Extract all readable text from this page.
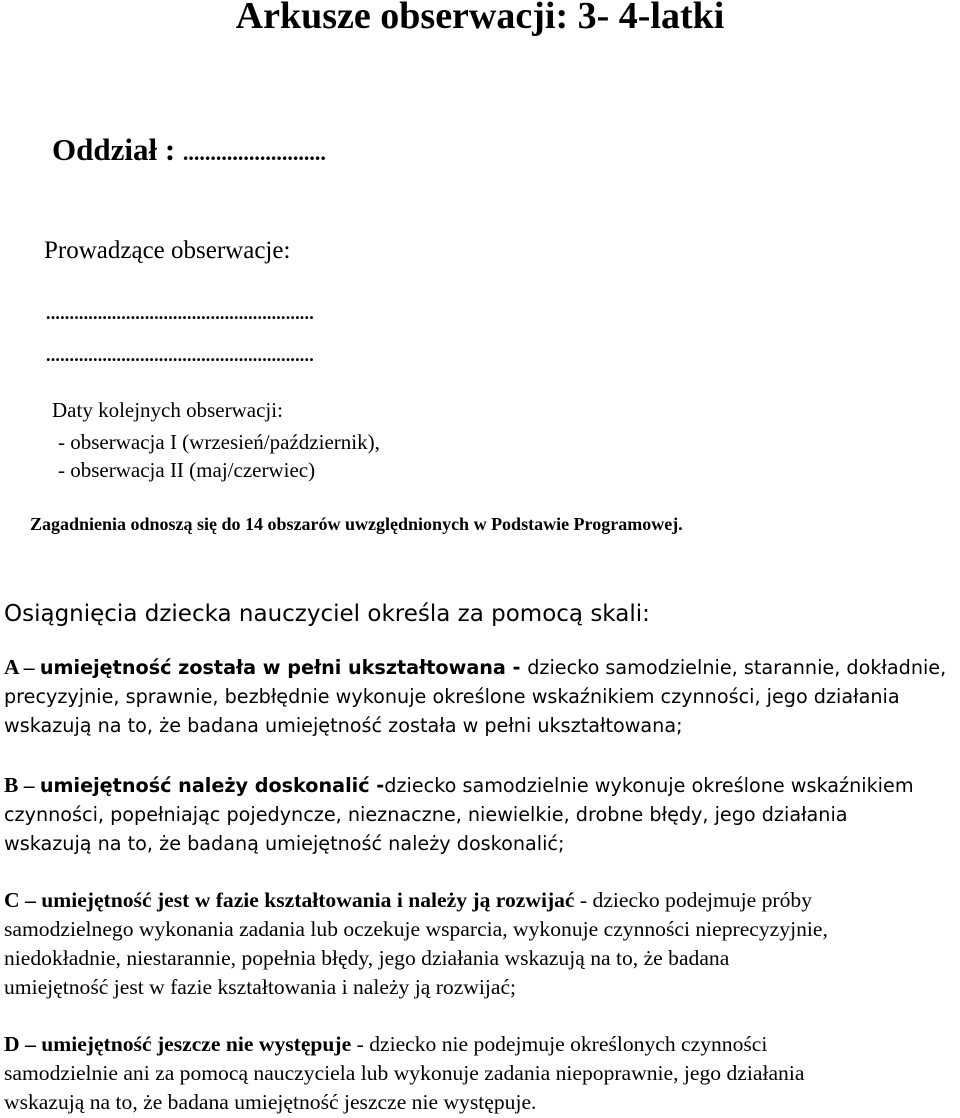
Arkusze obserwacji: 3- 4-latki
Oddział : ..........................
Prowadzące obserwacje:
.........................................................
.........................................................
Daty kolejnych obserwacji:
- obserwacja I (wrzesień/październik),
- obserwacja II (maj/czerwiec)
Zagadnienia odnoszą się do 14 obszarów uwzględnionych w Podstawie Programowej.
Osiągnięcia dziecka nauczyciel określa za pomocą skali:
A – umiejętność została w pełni ukształtowana - dziecko samodzielnie, starannie, dokładnie,
precyzyjnie, sprawnie, bezbłędnie wykonuje określone wskaźnikiem czynności, jego działania
wskazują na to, że badana umiejętność została w pełni ukształtowana;
B – umiejętność należy doskonalić -dziecko samodzielnie wykonuje określone wskaźnikiem
czynności, popełniając pojedyncze, nieznaczne, niewielkie, drobne błędy, jego działania
wskazują na to, że badaną umiejętność należy doskonalić;
C – umiejętność jest w fazie kształtowania i należy ją rozwijać - dziecko podejmuje próby
samodzielnego wykonania zadania lub oczekuje wsparcia, wykonuje czynności nieprecyzyjnie,
niedokładnie, niestarannie, popełnia błędy, jego działania wskazują na to, że badana
umiejętność jest w fazie kształtowania i należy ją rozwijać;
D – umiejętność jeszcze nie występuje - dziecko nie podejmuje określonych czynności
samodzielnie ani za pomocą nauczyciela lub wykonuje zadania niepoprawnie, jego działania
wskazują na to, że badana umiejętność jeszcze nie występuje.
